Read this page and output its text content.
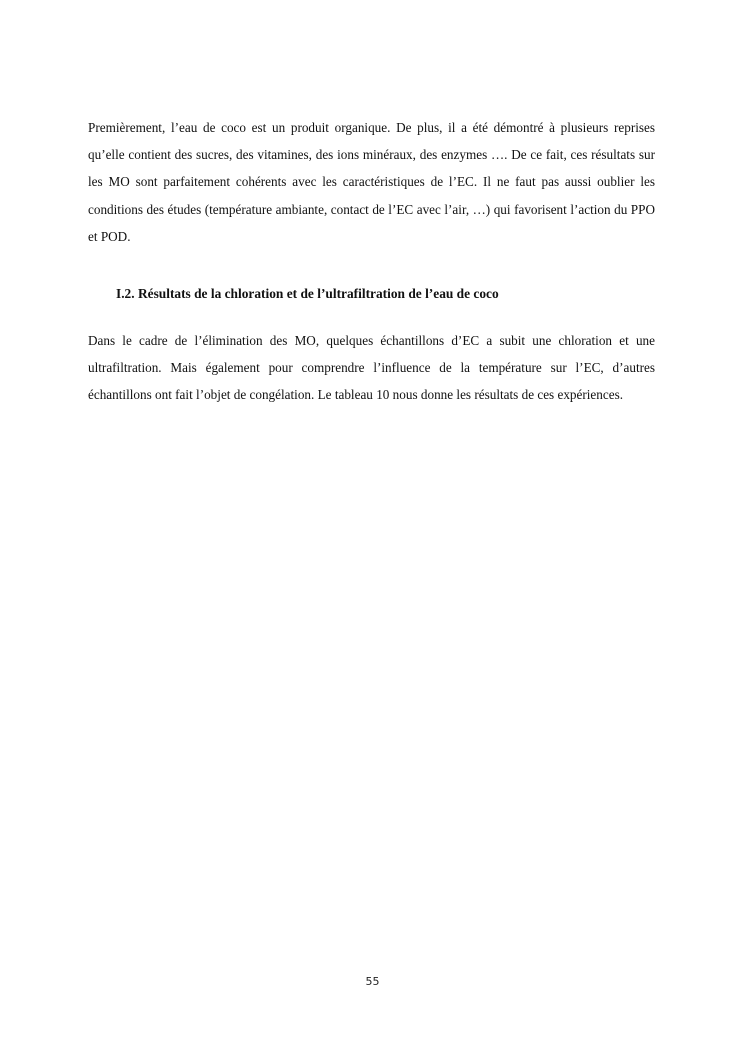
Premièrement, l’eau de coco est un produit organique. De plus, il a été démontré à plusieurs reprises qu’elle contient des sucres, des vitamines, des ions minéraux, des enzymes …. De ce fait, ces résultats sur les MO sont parfaitement cohérents avec les caractéristiques de l’EC. Il ne faut pas aussi oublier les conditions des études (température ambiante, contact de l’EC avec l’air, …) qui favorisent l’action du PPO et POD.

I.2. Résultats de la chloration et de l’ultrafiltration de l’eau de coco

Dans le cadre de l’élimination des MO, quelques échantillons d’EC a subit une chloration et une ultrafiltration. Mais également pour comprendre l’influence de la température sur l’EC, d’autres échantillons ont fait l’objet de congélation. Le tableau 10 nous donne les résultats de ces expériences.

55
